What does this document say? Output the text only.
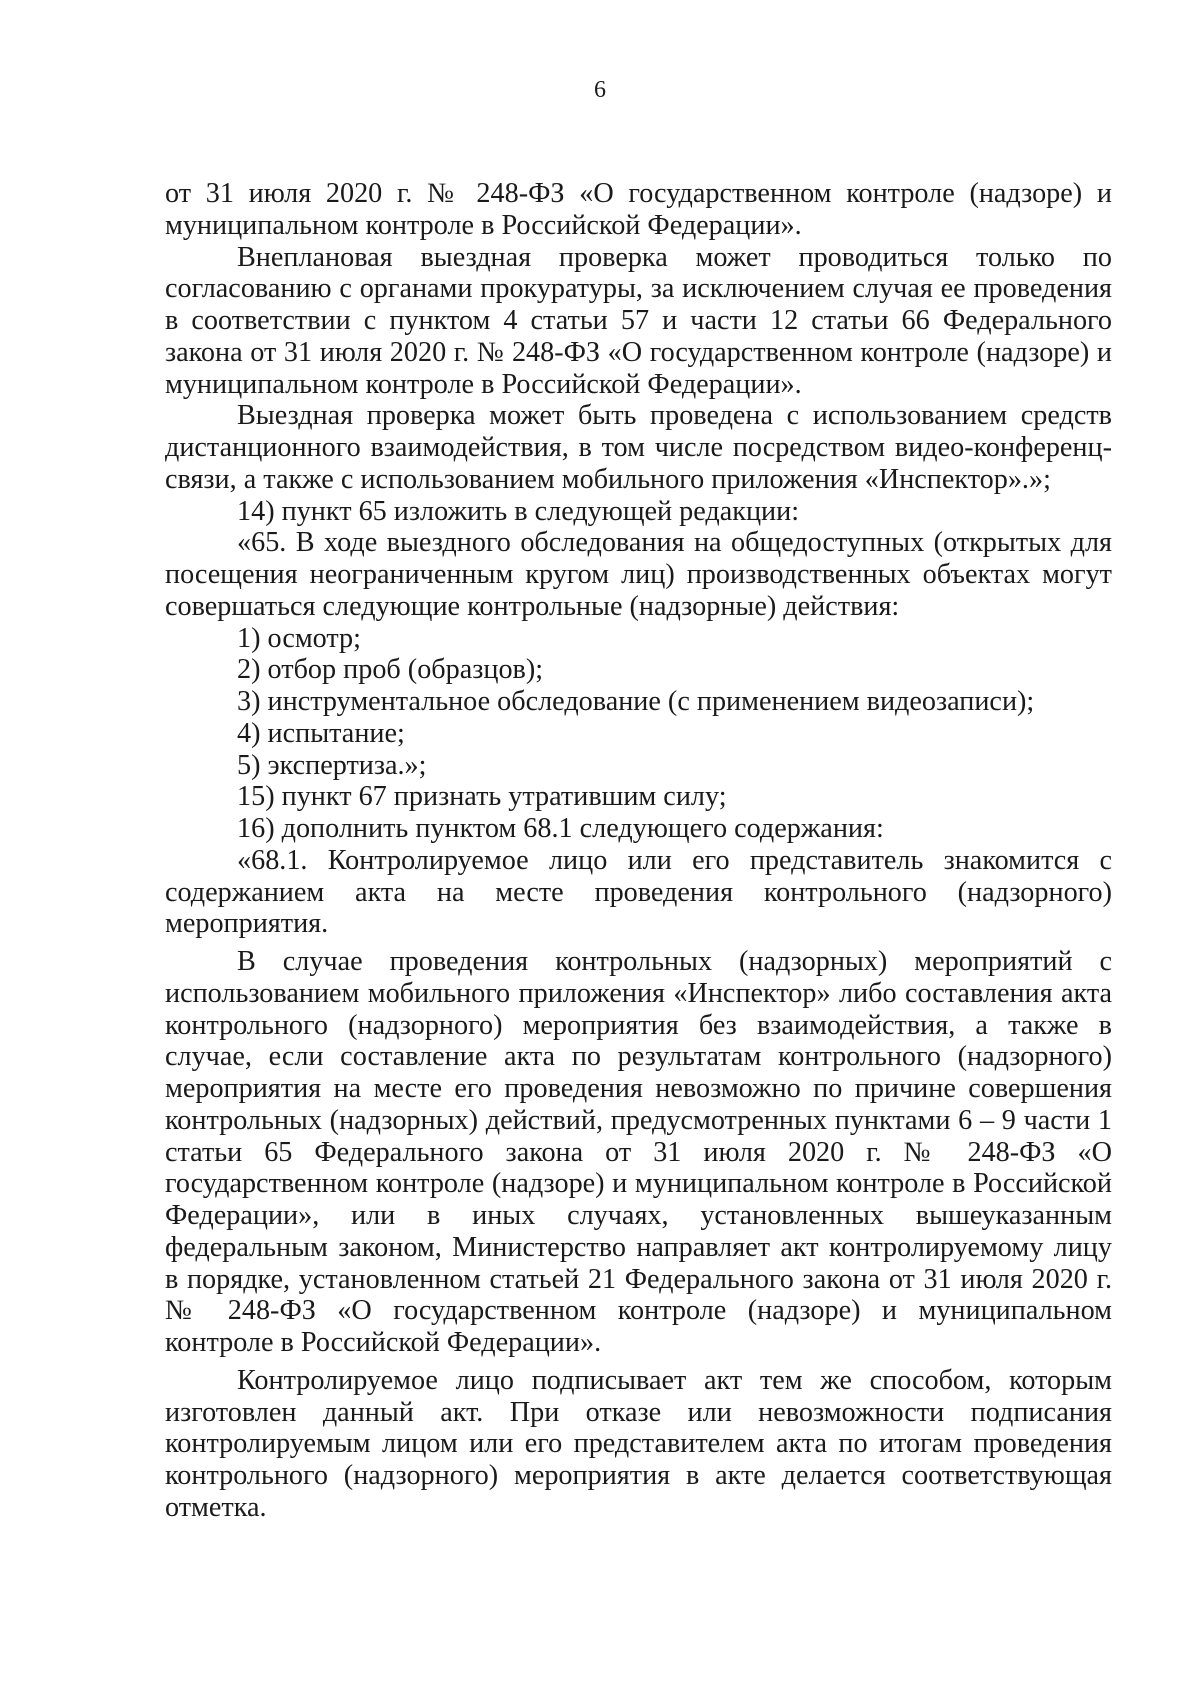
6

от 31 июля 2020 г. № 248-ФЗ «О государственном контроле (надзоре) и муниципальном контроле в Российской Федерации».

Внеплановая выездная проверка может проводиться только по согласованию с органами прокуратуры, за исключением случая ее проведения в соответствии с пунктом 4 статьи 57 и части 12 статьи 66 Федерального закона от 31 июля 2020 г. № 248-ФЗ «О государственном контроле (надзоре) и муниципальном контроле в Российской Федерации».

Выездная проверка может быть проведена с использованием средств дистанционного взаимодействия, в том числе посредством видео-конференц-связи, а также с использованием мобильного приложения «Инспектор».»;

14) пункт 65 изложить в следующей редакции:

«65. В ходе выездного обследования на общедоступных (открытых для посещения неограниченным кругом лиц) производственных объектах могут совершаться следующие контрольные (надзорные) действия:

1) осмотр;

2) отбор проб (образцов);

3) инструментальное обследование (с применением видеозаписи);

4) испытание;

5) экспертиза.»;

15) пункт 67 признать утратившим силу;

16) дополнить пунктом 68.1 следующего содержания:

«68.1. Контролируемое лицо или его представитель знакомится с содержанием акта на месте проведения контрольного (надзорного) мероприятия.

В случае проведения контрольных (надзорных) мероприятий с использованием мобильного приложения «Инспектор» либо составления акта контрольного (надзорного) мероприятия без взаимодействия, а также в случае, если составление акта по результатам контрольного (надзорного) мероприятия на месте его проведения невозможно по причине совершения контрольных (надзорных) действий, предусмотренных пунктами 6 – 9 части 1 статьи 65 Федерального закона от 31 июля 2020 г. № 248-ФЗ «О государственном контроле (надзоре) и муниципальном контроле в Российской Федерации», или в иных случаях, установленных вышеуказанным федеральным законом, Министерство направляет акт контролируемому лицу в порядке, установленном статьей 21 Федерального закона от 31 июля 2020 г. № 248-ФЗ «О государственном контроле (надзоре) и муниципальном контроле в Российской Федерации».

Контролируемое лицо подписывает акт тем же способом, которым изготовлен данный акт. При отказе или невозможности подписания контролируемым лицом или его представителем акта по итогам проведения контрольного (надзорного) мероприятия в акте делается соответствующая отметка.
